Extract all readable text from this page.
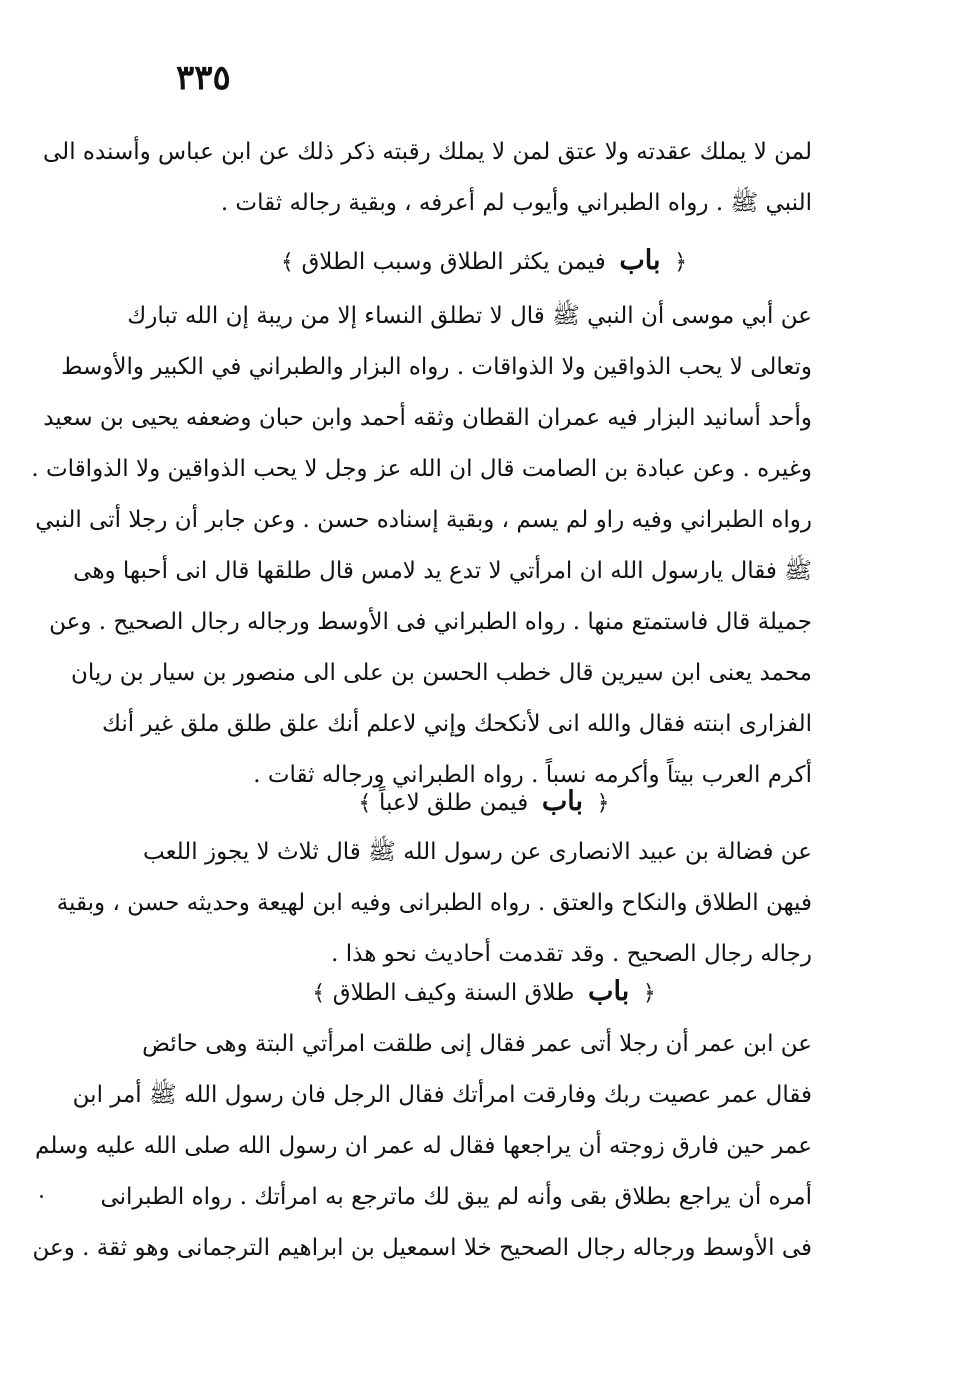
٣٣٥
لمن لا يملك عقدته ولا عتق لمن لا يملك رقبته ذكر ذلك عن ابن عباس وأسنده الى
النبي ﷺ . رواه الطبراني وأيوب لم أعرفه ، وبقية رجاله ثقات .
﴿ باب فيمن يكثر الطلاق وسبب الطلاق ﴾
عن أبي موسى أن النبي ﷺ قال لا تطلق النساء إلا من ريبة إن الله تبارك
وتعالى لا يحب الذواقين ولا الذواقات . رواه البزار والطبراني في الكبير والأوسط
وأحد أسانيد البزار فيه عمران القطان وثقه أحمد وابن حبان وضعفه يحيى بن سعيد
وغيره . وعن عبادة بن الصامت قال ان الله عز وجل لا يحب الذواقين ولا الذواقات .
رواه الطبراني وفيه راو لم يسم ، وبقية إسناده حسن . وعن جابر أن رجلا أتى النبي
ﷺ فقال يارسول الله ان امرأتي لا تدع يد لامس قال طلقها قال انى أحبها وهى
جميلة قال فاستمتع منها . رواه الطبراني فى الأوسط ورجاله رجال الصحيح . وعن
محمد يعنى ابن سيرين قال خطب الحسن بن على الى منصور بن سيار بن ريان
الفزارى ابنته فقال والله انى لأنكحك وإني لاعلم أنك علق طلق ملق غير أنك
أكرم العرب بيتاً وأكرمه نسباً . رواه الطبراني ورجاله ثقات .
﴿ باب فيمن طلق لاعباً ﴾
عن فضالة بن عبيد الانصارى عن رسول الله ﷺ قال ثلاث لا يجوز اللعب
فيهن الطلاق والنكاح والعتق . رواه الطبرانى وفيه ابن لهيعة وحديثه حسن ، وبقية
رجاله رجال الصحيح . وقد تقدمت أحاديث نحو هذا .
﴿ باب طلاق السنة وكيف الطلاق ﴾
عن ابن عمر أن رجلا أتى عمر فقال إنى طلقت امرأتي البتة وهى حائض
فقال عمر عصيت ربك وفارقت امرأتك فقال الرجل فان رسول الله ﷺ أمر ابن
عمر حين فارق زوجته أن يراجعها فقال له عمر ان رسول الله صلى الله عليه وسلم
أمره أن يراجع بطلاق بقى وأنه لم يبق لك ماترجع به امرأتك . رواه الطبرانى
فى الأوسط ورجاله رجال الصحيح خلا اسمعيل بن ابراهيم الترجمانى وهو ثقة . وعن
